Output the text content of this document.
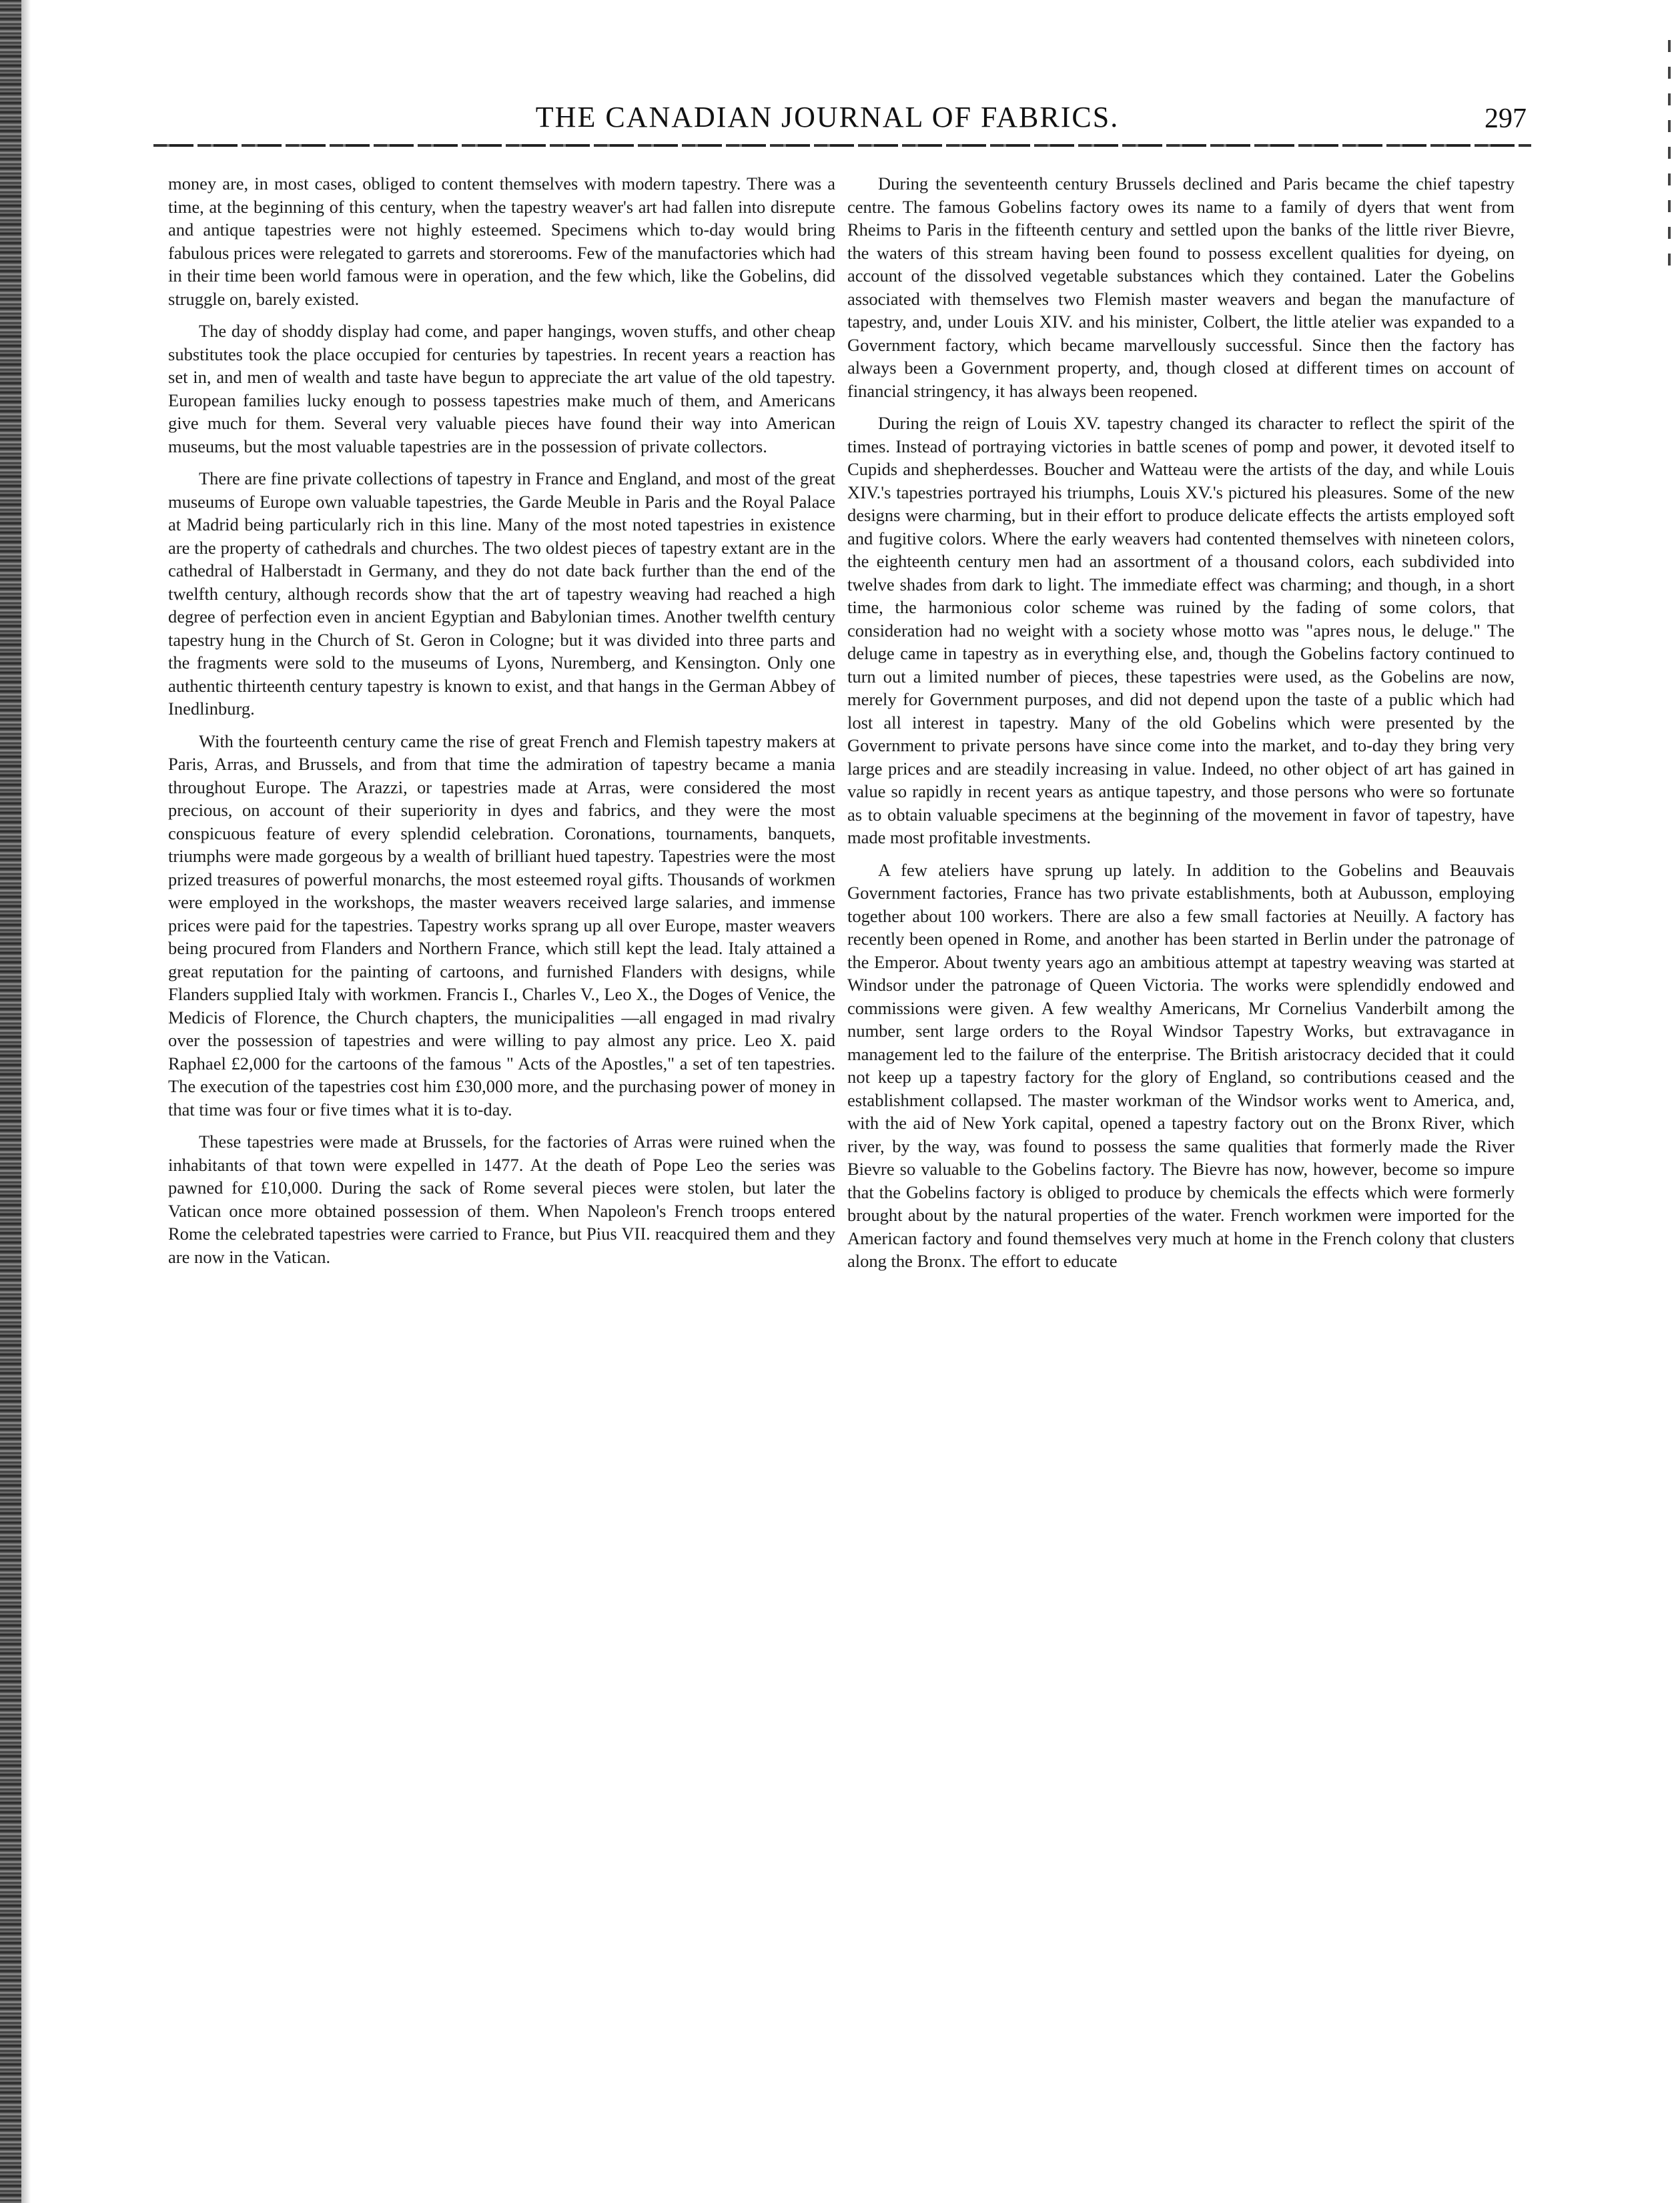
THE CANADIAN JOURNAL OF FABRICS.	297

money are, in most cases, obliged to content themselves with modern tapestry. There was a time, at the beginning of this century, when the tapestry weaver's art had fallen into disrepute and antique tapestries were not highly esteemed. Specimens which to-day would bring fabulous prices were relegated to garrets and storerooms. Few of the manufactories which had in their time been world famous were in operation, and the few which, like the Gobelins, did struggle on, barely existed.

The day of shoddy display had come, and paper hangings, woven stuffs, and other cheap substitutes took the place occupied for centuries by tapestries. In recent years a reaction has set in, and men of wealth and taste have begun to appreciate the art value of the old tapestry. European families lucky enough to possess tapestries make much of them, and Americans give much for them. Several very valuable pieces have found their way into American museums, but the most valuable tapestries are in the possession of private collectors.

There are fine private collections of tapestry in France and England, and most of the great museums of Europe own valuable tapestries, the Garde Meuble in Paris and the Royal Palace at Madrid being particularly rich in this line. Many of the most noted tapestries in existence are the property of cathedrals and churches. The two oldest pieces of tapestry extant are in the cathedral of Halberstadt in Germany, and they do not date back further than the end of the twelfth century, although records show that the art of tapestry weaving had reached a high degree of perfection even in ancient Egyptian and Babylonian times. Another twelfth century tapestry hung in the Church of St. Geron in Cologne; but it was divided into three parts and the fragments were sold to the museums of Lyons, Nuremberg, and Kensington. Only one authentic thirteenth century tapestry is known to exist, and that hangs in the German Abbey of Inedlinburg.

With the fourteenth century came the rise of great French and Flemish tapestry makers at Paris, Arras, and Brussels, and from that time the admiration of tapestry became a mania throughout Europe. The Arazzi, or tapestries made at Arras, were considered the most precious, on account of their superiority in dyes and fabrics, and they were the most conspicuous feature of every splendid celebration. Coronations, tournaments, banquets, triumphs were made gorgeous by a wealth of brilliant hued tapestry. Tapestries were the most prized treasures of powerful monarchs, the most esteemed royal gifts. Thousands of workmen were employed in the workshops, the master weavers received large salaries, and immense prices were paid for the tapestries. Tapestry works sprang up all over Europe, master weavers being procured from Flanders and Northern France, which still kept the lead. Italy attained a great reputation for the painting of cartoons, and furnished Flanders with designs, while Flanders supplied Italy with workmen. Francis I., Charles V., Leo X., the Doges of Venice, the Medicis of Florence, the Church chapters, the municipalities —all engaged in mad rivalry over the possession of tapestries and were willing to pay almost any price. Leo X. paid Raphael £2,000 for the cartoons of the famous " Acts of the Apostles," a set of ten tapestries. The execution of the tapestries cost him £30,000 more, and the purchasing power of money in that time was four or five times what it is to-day.

These tapestries were made at Brussels, for the factories of Arras were ruined when the inhabitants of that town were expelled in 1477. At the death of Pope Leo the series was pawned for £10,000. During the sack of Rome several pieces were stolen, but later the Vatican once more obtained possession of them. When Napoleon's French troops entered Rome the celebrated tapestries were carried to France, but Pius VII. reacquired them and they are now in the Vatican.

During the seventeenth century Brussels declined and Paris became the chief tapestry centre. The famous Gobelins factory owes its name to a family of dyers that went from Rheims to Paris in the fifteenth century and settled upon the banks of the little river Bievre, the waters of this stream having been found to possess excellent qualities for dyeing, on account of the dissolved vegetable substances which they contained. Later the Gobelins associated with themselves two Flemish master weavers and began the manufacture of tapestry, and, under Louis XIV. and his minister, Colbert, the little atelier was expanded to a Government factory, which became marvellously successful. Since then the factory has always been a Government property, and, though closed at different times on account of financial stringency, it has always been reopened.

During the reign of Louis XV. tapestry changed its character to reflect the spirit of the times. Instead of portraying victories in battle scenes of pomp and power, it devoted itself to Cupids and shepherdesses. Boucher and Watteau were the artists of the day, and while Louis XIV.'s tapestries portrayed his triumphs, Louis XV.'s pictured his pleasures. Some of the new designs were charming, but in their effort to produce delicate effects the artists employed soft and fugitive colors. Where the early weavers had contented themselves with nineteen colors, the eighteenth century men had an assortment of a thousand colors, each subdivided into twelve shades from dark to light. The immediate effect was charming; and though, in a short time, the harmonious color scheme was ruined by the fading of some colors, that consideration had no weight with a society whose motto was "apres nous, le deluge." The deluge came in tapestry as in everything else, and, though the Gobelins factory continued to turn out a limited number of pieces, these tapestries were used, as the Gobelins are now, merely for Government purposes, and did not depend upon the taste of a public which had lost all interest in tapestry. Many of the old Gobelins which were presented by the Government to private persons have since come into the market, and to-day they bring very large prices and are steadily increasing in value. Indeed, no other object of art has gained in value so rapidly in recent years as antique tapestry, and those persons who were so fortunate as to obtain valuable specimens at the beginning of the movement in favor of tapestry, have made most profitable investments.

A few ateliers have sprung up lately. In addition to the Gobelins and Beauvais Government factories, France has two private establishments, both at Aubusson, employing together about 100 workers. There are also a few small factories at Neuilly. A factory has recently been opened in Rome, and another has been started in Berlin under the patronage of the Emperor. About twenty years ago an ambitious attempt at tapestry weaving was started at Windsor under the patronage of Queen Victoria. The works were splendidly endowed and commissions were given. A few wealthy Americans, Mr Cornelius Vanderbilt among the number, sent large orders to the Royal Windsor Tapestry Works, but extravagance in management led to the failure of the enterprise. The British aristocracy decided that it could not keep up a tapestry factory for the glory of England, so contributions ceased and the establishment collapsed. The master workman of the Windsor works went to America, and, with the aid of New York capital, opened a tapestry factory out on the Bronx River, which river, by the way, was found to possess the same qualities that formerly made the River Bievre so valuable to the Gobelins factory. The Bievre has now, however, become so impure that the Gobelins factory is obliged to produce by chemicals the effects which were formerly brought about by the natural properties of the water. French workmen were imported for the American factory and found themselves very much at home in the French colony that clusters along the Bronx. The effort to educate
